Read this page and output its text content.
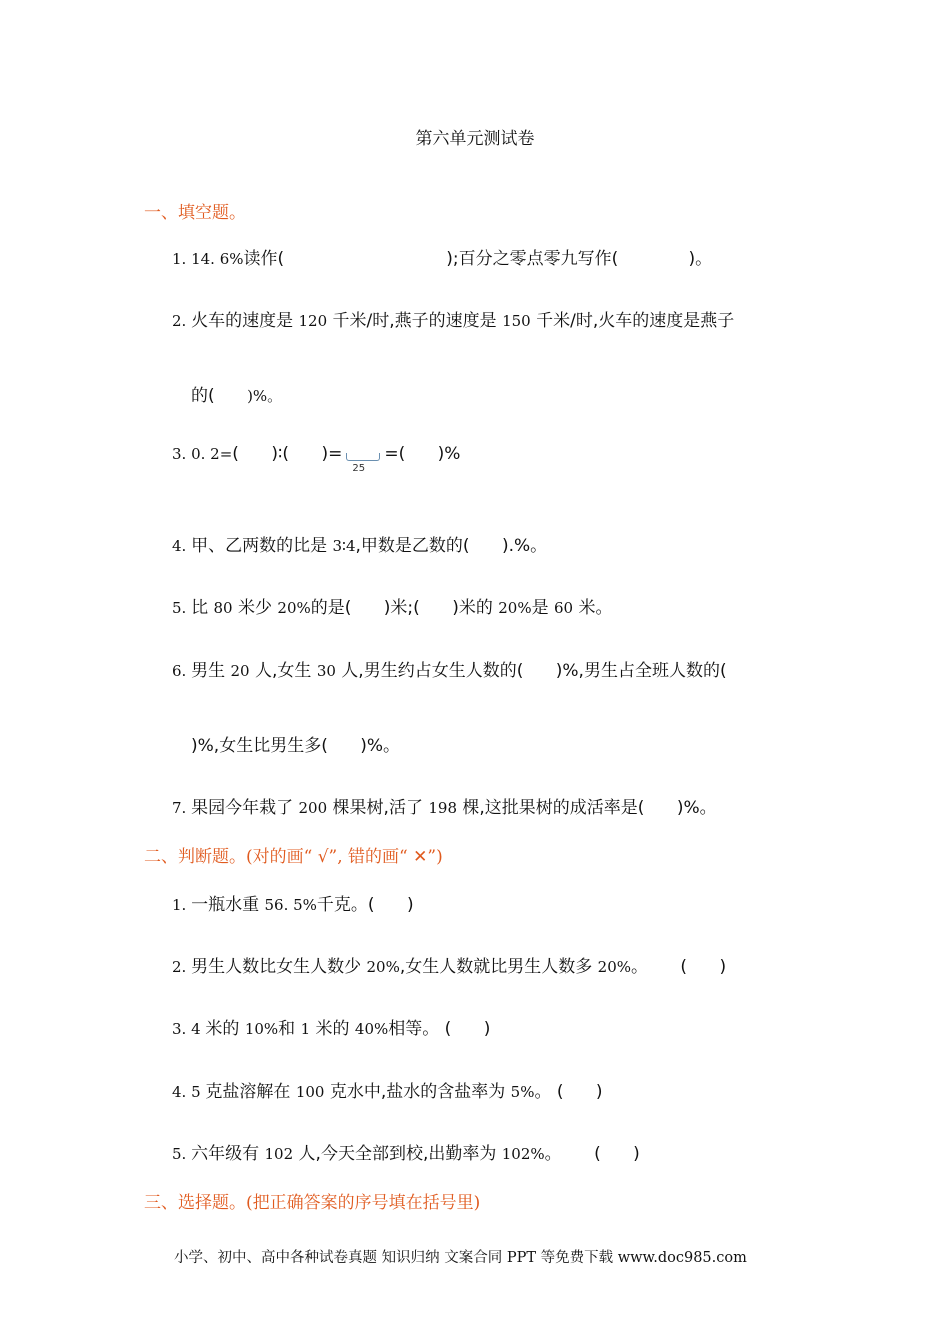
第六单元测试卷
一、填空题。
1. 14. 6%读作(	);百分之零点零九写作(	)。
2. 火车的速度是 120 千米/时,燕子的速度是 150 千米/时,火车的速度是燕子
的( )%。
3. 0. 2=(      )∶(      )=
25
=(      )%
4. 甲、乙两数的比是 3∶4,甲数是乙数的(      ).%。
5. 比 80 米少 20%的是(      )米;(      )米的 20%是 60 米。
6. 男生 20 人,女生 30 人,男生约占女生人数的(      )%,男生占全班人数的(
)%,女生比男生多(      )%。
7. 果园今年栽了 200 棵果树,活了 198 棵,这批果树的成活率是(      )%。
二、判断题。(对的画“ √”, 错的画“ ✕”)
1. 一瓶水重 56. 5%千克。(      )
2. 男生人数比女生人数少 20%,女生人数就比男生人数多 20%。      (      )
3. 4 米的 10%和 1 米的 40%相等。 (      )
4. 5 克盐溶解在 100 克水中,盐水的含盐率为 5%。 (      )
5. 六年级有 102 人,今天全部到校,出勤率为 102%。      (      )
三、选择题。(把正确答案的序号填在括号里)
小学、初中、高中各种试卷真题 知识归纳 文案合同 PPT 等免费下载 www.doc985.com
